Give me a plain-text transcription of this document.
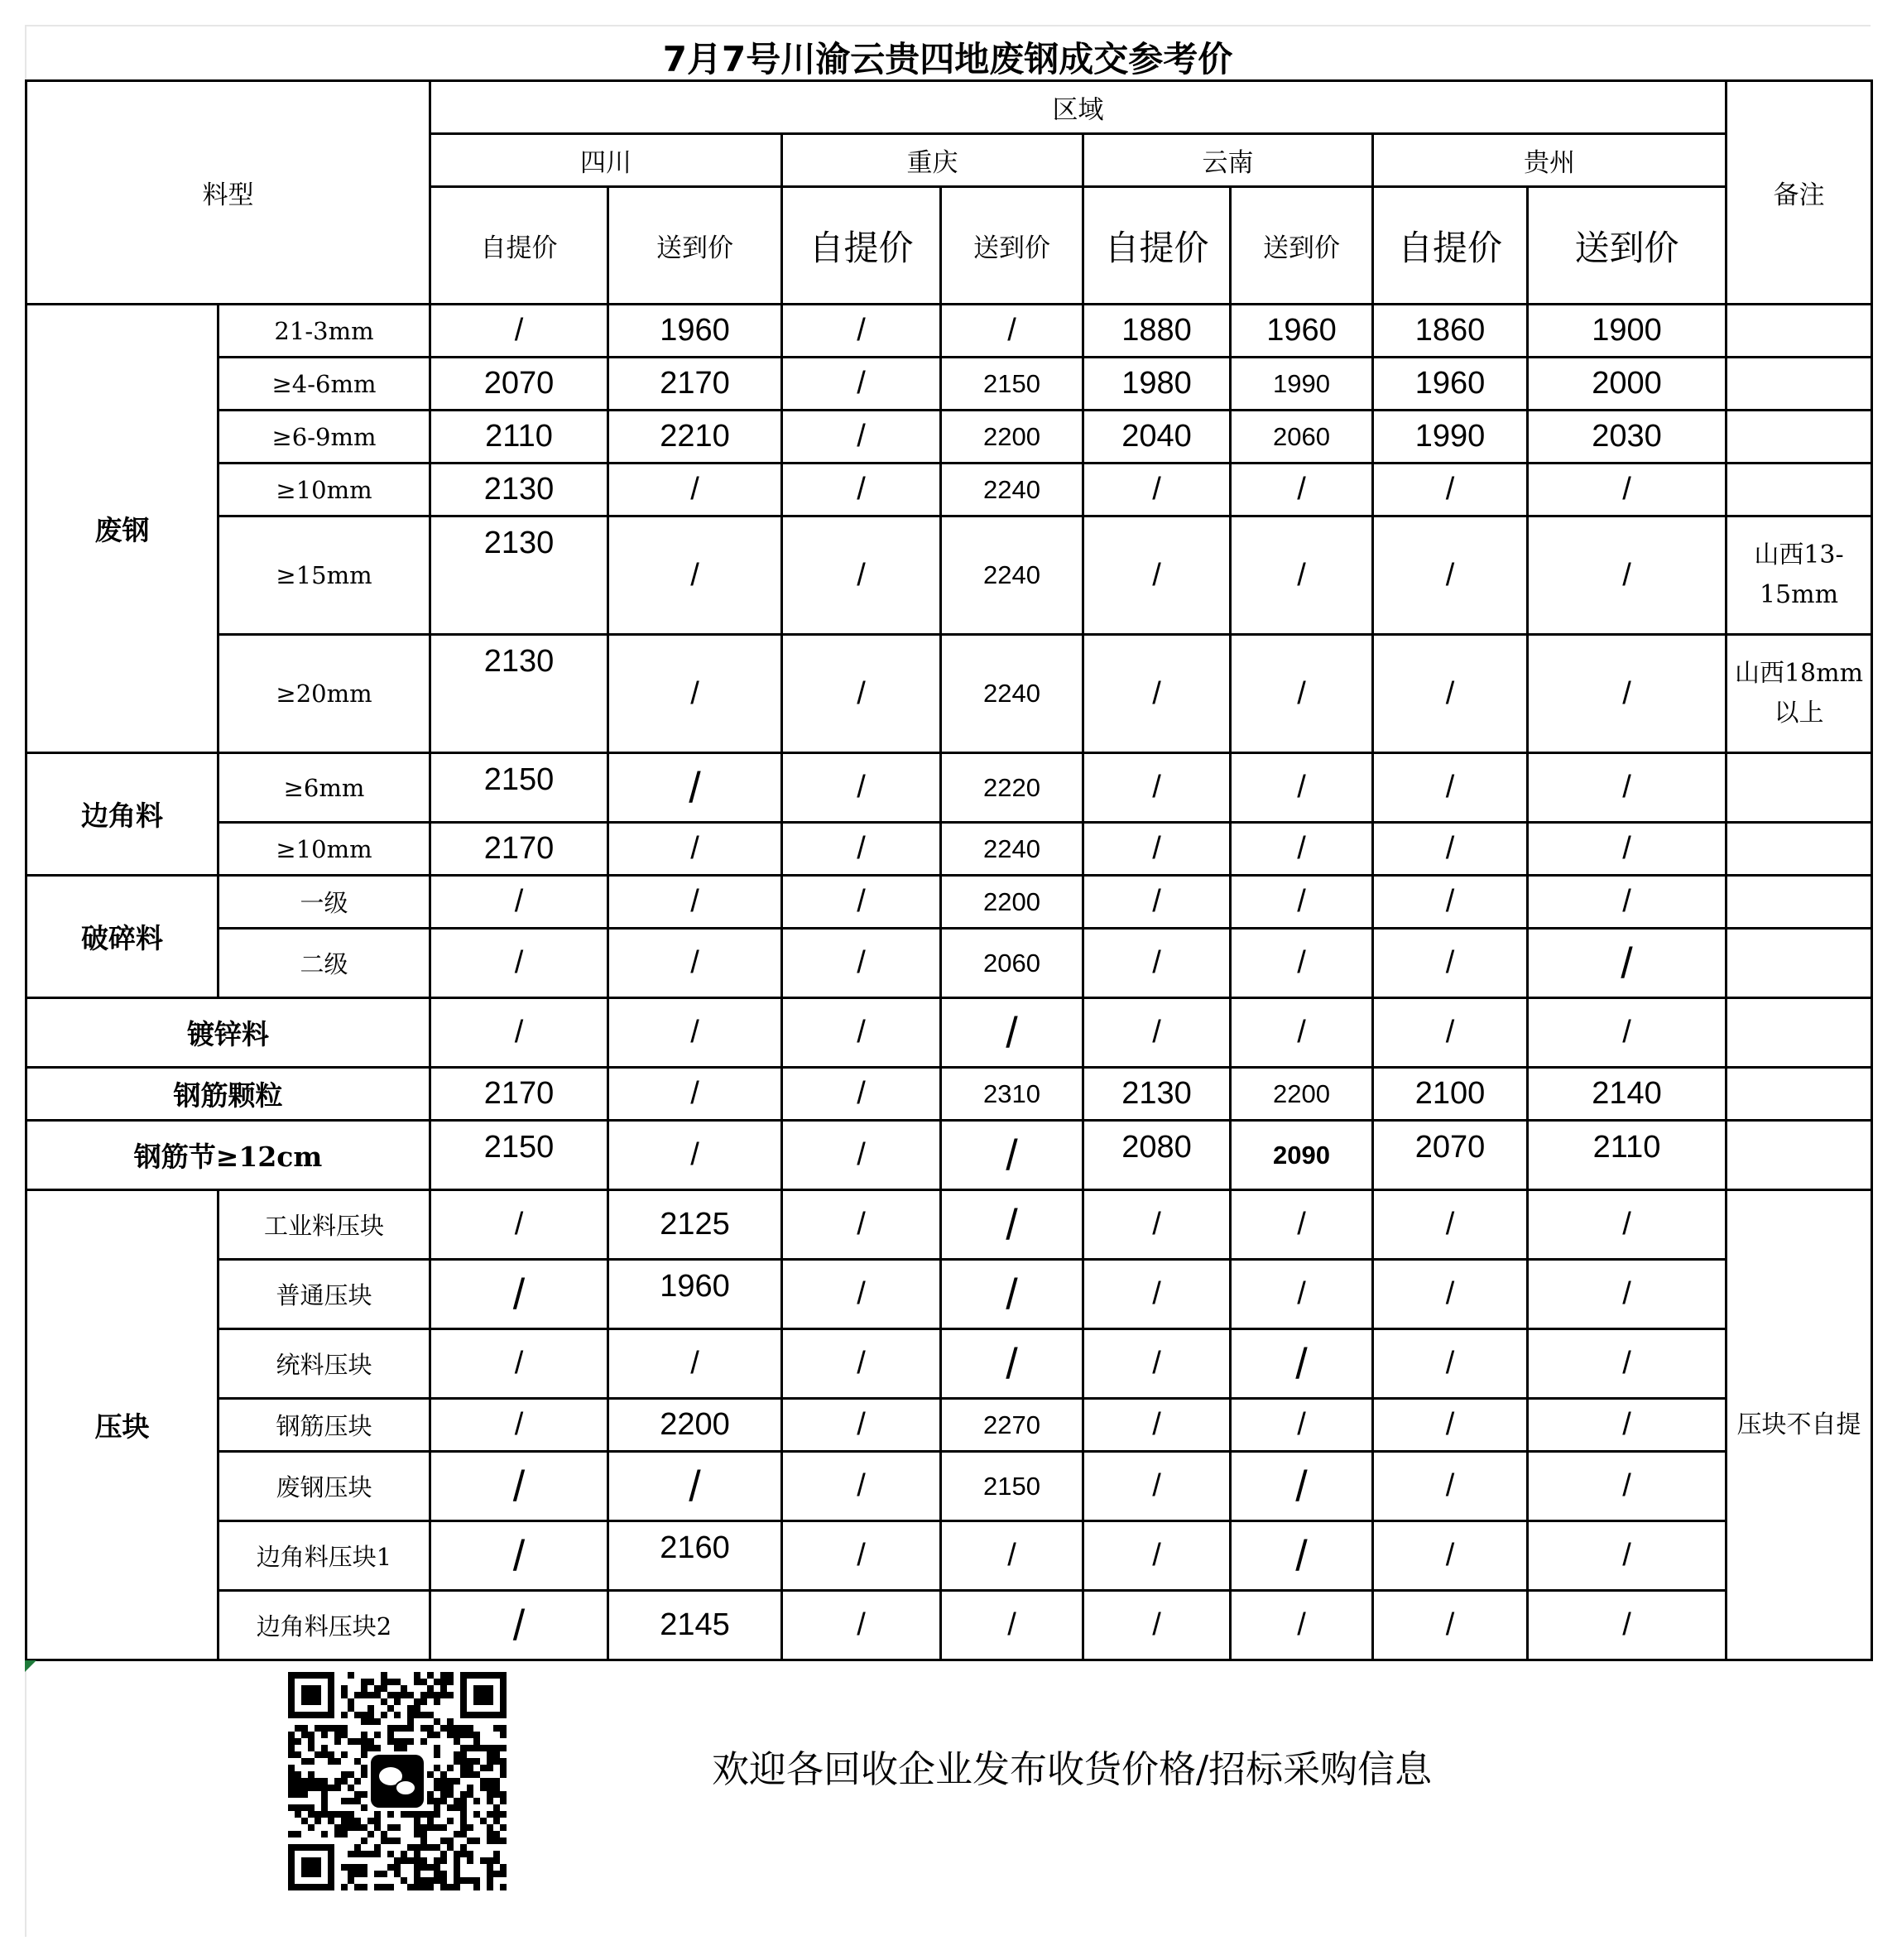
7月7号川渝云贵四地废钢成交参考价
料型		区域								备注
		四川		重庆		云南		贵州		
		自提价	送到价	自提价	送到价	自提价	送到价	自提价	送到价	
废钢	21-3mm	/	1960	/	/	1880	1960	1860	1900	
	≥4-6mm	2070	2170	/	2150	1980	1990	1960	2000	
	≥6-9mm	2110	2210	/	2200	2040	2060	1990	2030	
	≥10mm	2130	/	/	2240	/	/	/	/	
	≥15mm	2130	/	/	2240	/	/	/	/	山西13-15mm
	≥20mm	2130	/	/	2240	/	/	/	/	山西18mm以上
边角料	≥6mm	2150	/	/	2220	/	/	/	/	
	≥10mm	2170	/	/	2240	/	/	/	/	
破碎料	一级	/	/	/	2200	/	/	/	/	
	二级	/	/	/	2060	/	/	/	/	
镀锌料		/	/	/	/	/	/	/	/	
钢筋颗粒		2170	/	/	2310	2130	2200	2100	2140	
钢筋节≥12cm		2150	/	/	/	2080	2090	2070	2110	
压块	工业料压块	/	2125	/	/	/	/	/	/	压块不自提
	普通压块	/	1960	/	/	/	/	/	/	
	统料压块	/	/	/	/	/	/	/	/	
	钢筋压块	/	2200	/	2270	/	/	/	/	
	废钢压块	/	/	/	2150	/	/	/	/	
	边角料压块1	/	2160	/	/	/	/	/	/	
	边角料压块2	/	2145	/	/	/	/	/	/	
欢迎各回收企业发布收货价格/招标采购信息
